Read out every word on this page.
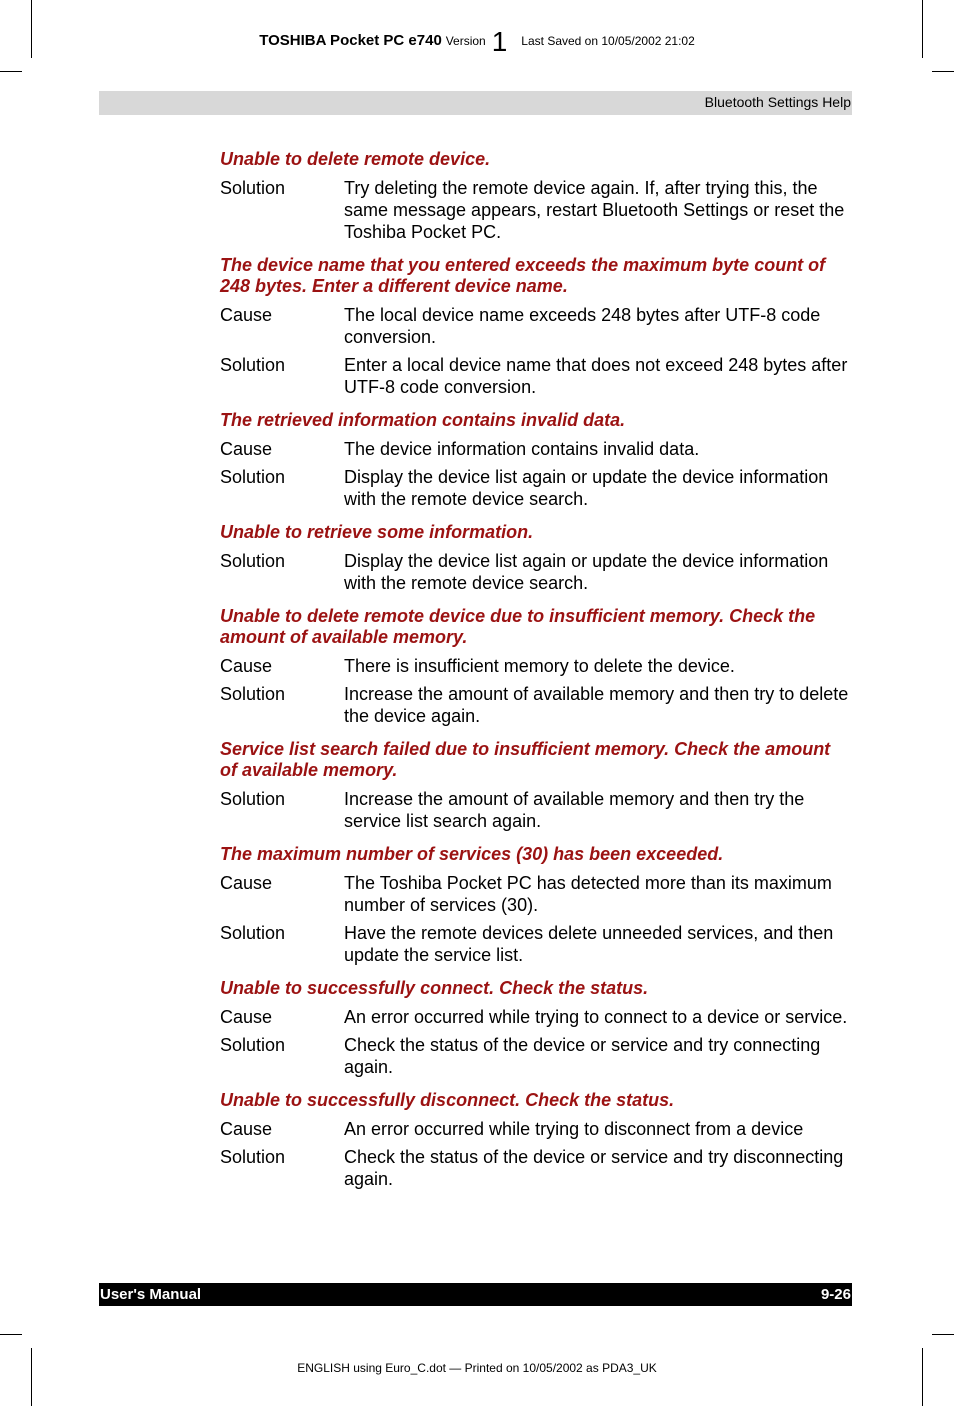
TOSHIBA Pocket PC e740 Version 1 Last Saved on 10/05/2002 21:02
Bluetooth Settings Help
Unable to delete remote device.
Solution	Try deleting the remote device again. If, after trying this, the same message appears, restart Bluetooth Settings or reset the Toshiba Pocket PC.
The device name that you entered exceeds the maximum byte count of 248 bytes. Enter a different device name.
Cause	The local device name exceeds 248 bytes after UTF-8 code conversion.
Solution	Enter a local device name that does not exceed 248 bytes after UTF-8 code conversion.
The retrieved information contains invalid data.
Cause	The device information contains invalid data.
Solution	Display the device list again or update the device information with the remote device search.
Unable to retrieve some information.
Solution	Display the device list again or update the device information with the remote device search.
Unable to delete remote device due to insufficient memory. Check the amount of available memory.
Cause	There is insufficient memory to delete the device.
Solution	Increase the amount of available memory and then try to delete the device again.
Service list search failed due to insufficient memory. Check the amount of available memory.
Solution	Increase the amount of available memory and then try the service list search again.
The maximum number of services (30) has been exceeded.
Cause	The Toshiba Pocket PC has detected more than its maximum number of services (30).
Solution	Have the remote devices delete unneeded services, and then update the service list.
Unable to successfully connect. Check the status.
Cause	An error occurred while trying to connect to a device or service.
Solution	Check the status of the device or service and try connecting again.
Unable to successfully disconnect. Check the status.
Cause	An error occurred while trying to disconnect from a device
Solution	Check the status of the device or service and try disconnecting again.
User's Manual	9-26
ENGLISH using Euro_C.dot — Printed on 10/05/2002 as PDA3_UK
